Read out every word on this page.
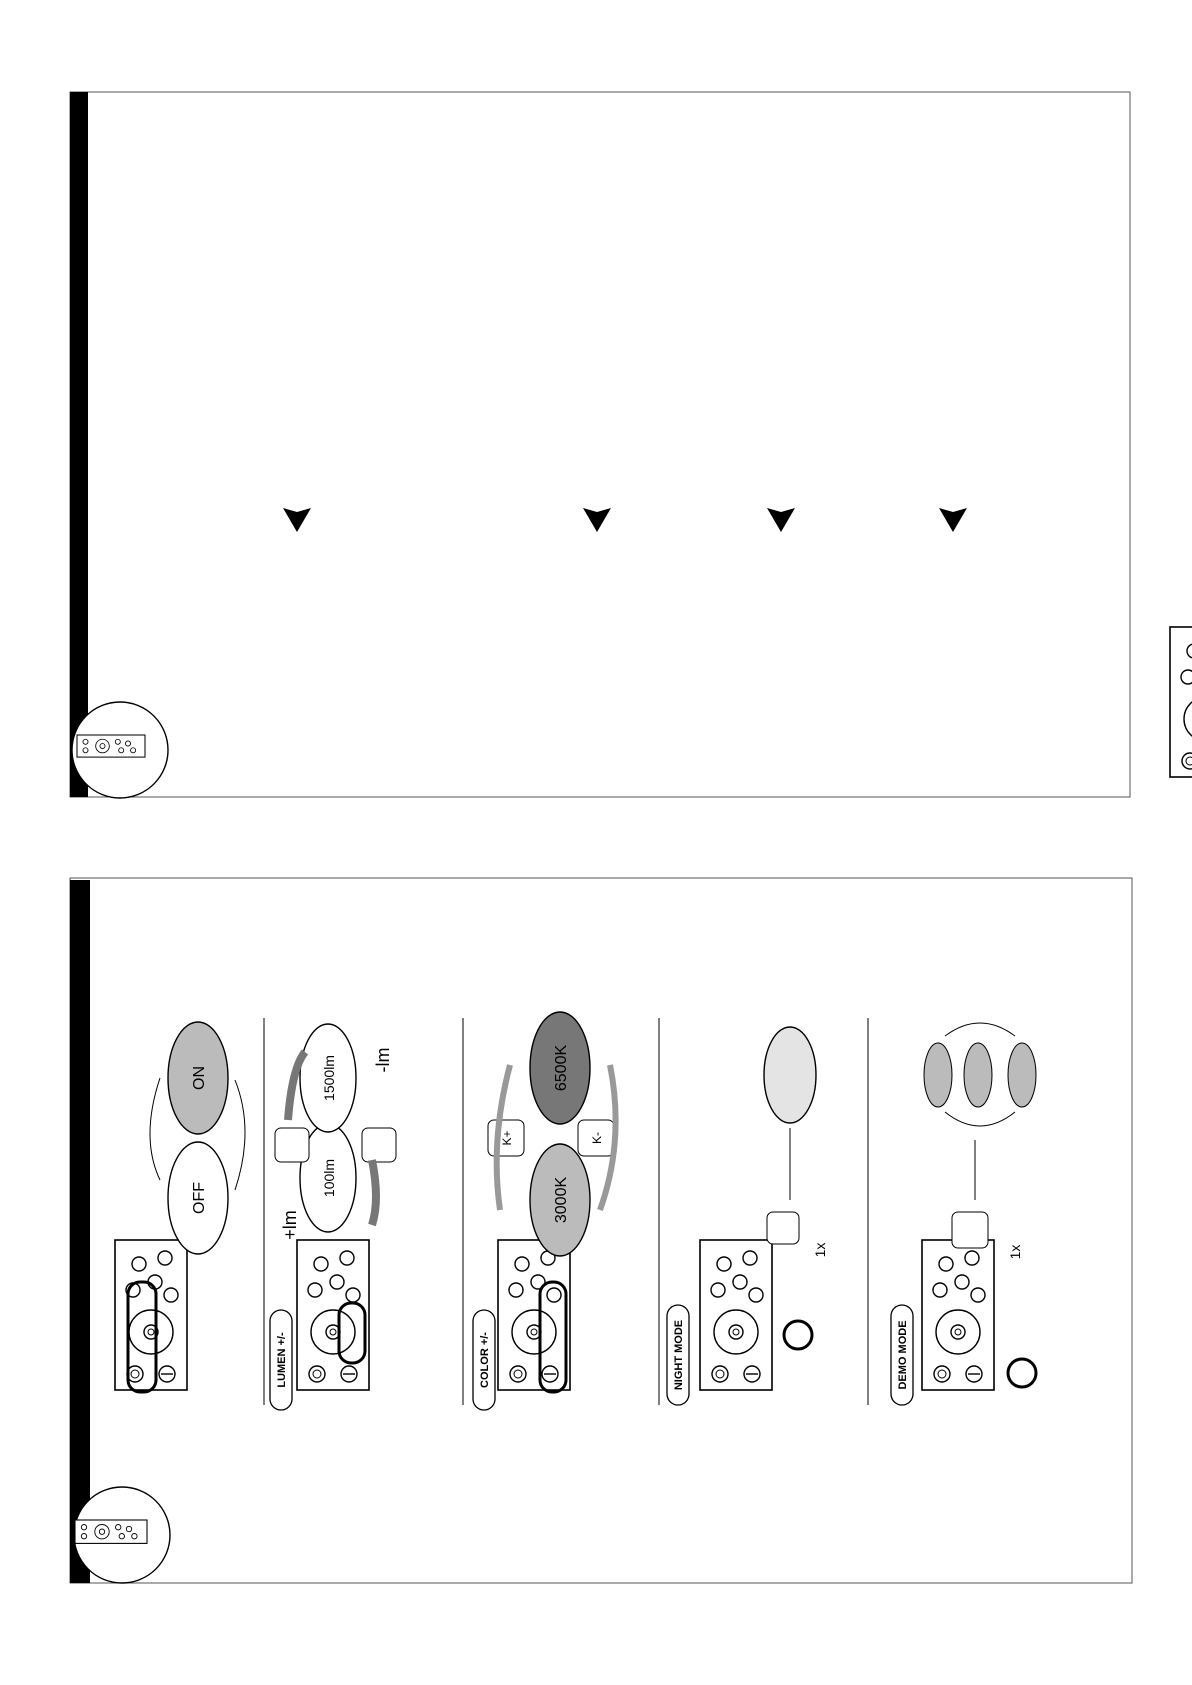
LUMEN +/-	COLOR +/-	NIGHT MODE	DEMO MODE
OFF
ON
100lm
1500lm
+lm
-lm
3000K
6500K
K+	K-
1x	1x
